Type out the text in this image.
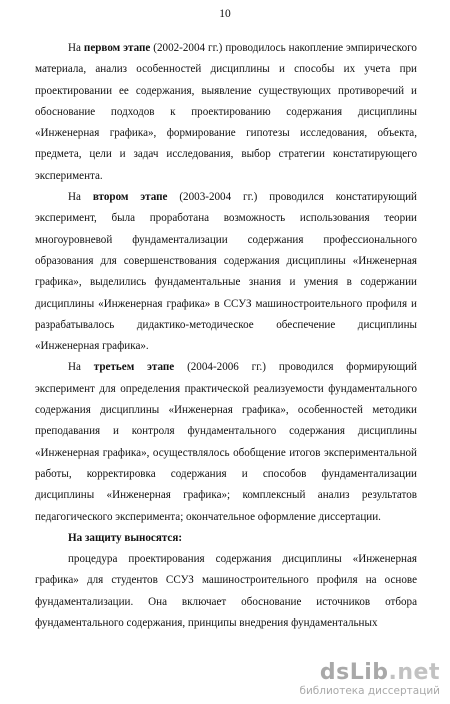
10

На первом этапе (2002-2004 гг.) проводилось накопление эмпирического материала, анализ особенностей дисциплины и способы их учета при проектировании ее содержания, выявление существующих противоречий и обоснование подходов к проектированию содержания дисциплины «Инженерная графика», формирование гипотезы исследования, объекта, предмета, цели и задач исследования, выбор стратегии констатирующего эксперимента.

На втором этапе (2003-2004 гг.) проводился констатирующий эксперимент, была проработана возможность использования теории многоуровневой фундаментализации содержания профессионального образования для совершенствования содержания дисциплины «Инженерная графика», выделились фундаментальные знания и умения в содержании дисциплины «Инженерная графика» в ССУЗ машиностроительного профиля и разрабатывалось дидактико-методическое обеспечение дисциплины «Инженерная графика».

На третьем этапе (2004-2006 гг.) проводился формирующий эксперимент для определения практической реализуемости фундаментального содержания дисциплины «Инженерная графика», особенностей методики преподавания и контроля фундаментального содержания дисциплины «Инженерная графика», осуществлялось обобщение итогов экспериментальной работы, корректировка содержания и способов фундаментализации дисциплины «Инженерная графика»; комплексный анализ результатов педагогического эксперимента; окончательное оформление диссертации.

На защиту выносятся:

процедура проектирования содержания дисциплины «Инженерная графика» для студентов ССУЗ машиностроительного профиля на основе фундаментализации. Она включает обоснование источников отбора фундаментального содержания, принципы внедрения фундаментальных

dsLib.net
библиотека диссертаций
